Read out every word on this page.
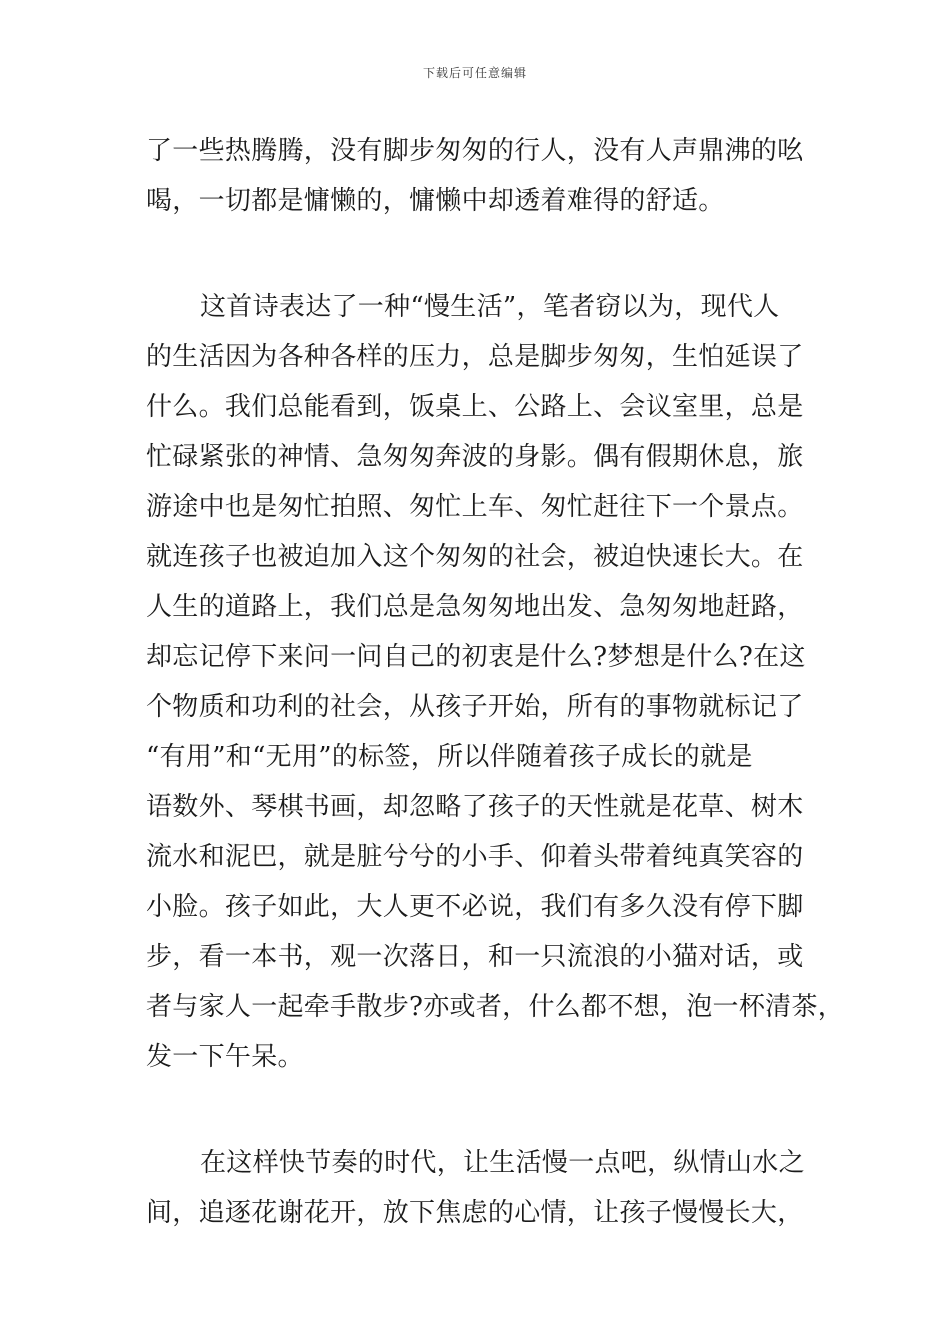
下载后可任意编辑
了一些热腾腾，没有脚步匆匆的行人，没有人声鼎沸的吆
喝，一切都是慵懒的，慵懒中却透着难得的舒适。
这首诗表达了一种“慢生活”，笔者窃以为，现代人
的生活因为各种各样的压力，总是脚步匆匆，生怕延误了
什么。我们总能看到，饭桌上、公路上、会议室里，总是
忙碌紧张的神情、急匆匆奔波的身影。偶有假期休息，旅
游途中也是匆忙拍照、匆忙上车、匆忙赶往下一个景点。
就连孩子也被迫加入这个匆匆的社会，被迫快速长大。在
人生的道路上，我们总是急匆匆地出发、急匆匆地赶路，
却忘记停下来问一问自己的初衷是什么?梦想是什么?在这
个物质和功利的社会，从孩子开始，所有的事物就标记了
“有用”和“无用”的标签，所以伴随着孩子成长的就是
语数外、琴棋书画，却忽略了孩子的天性就是花草、树木
流水和泥巴，就是脏兮兮的小手、仰着头带着纯真笑容的
小脸。孩子如此，大人更不必说，我们有多久没有停下脚
步，看一本书，观一次落日，和一只流浪的小猫对话，或
者与家人一起牵手散步?亦或者，什么都不想，泡一杯清茶，
发一下午呆。
在这样快节奏的时代，让生活慢一点吧，纵情山水之
间，追逐花谢花开，放下焦虑的心情，让孩子慢慢长大，
